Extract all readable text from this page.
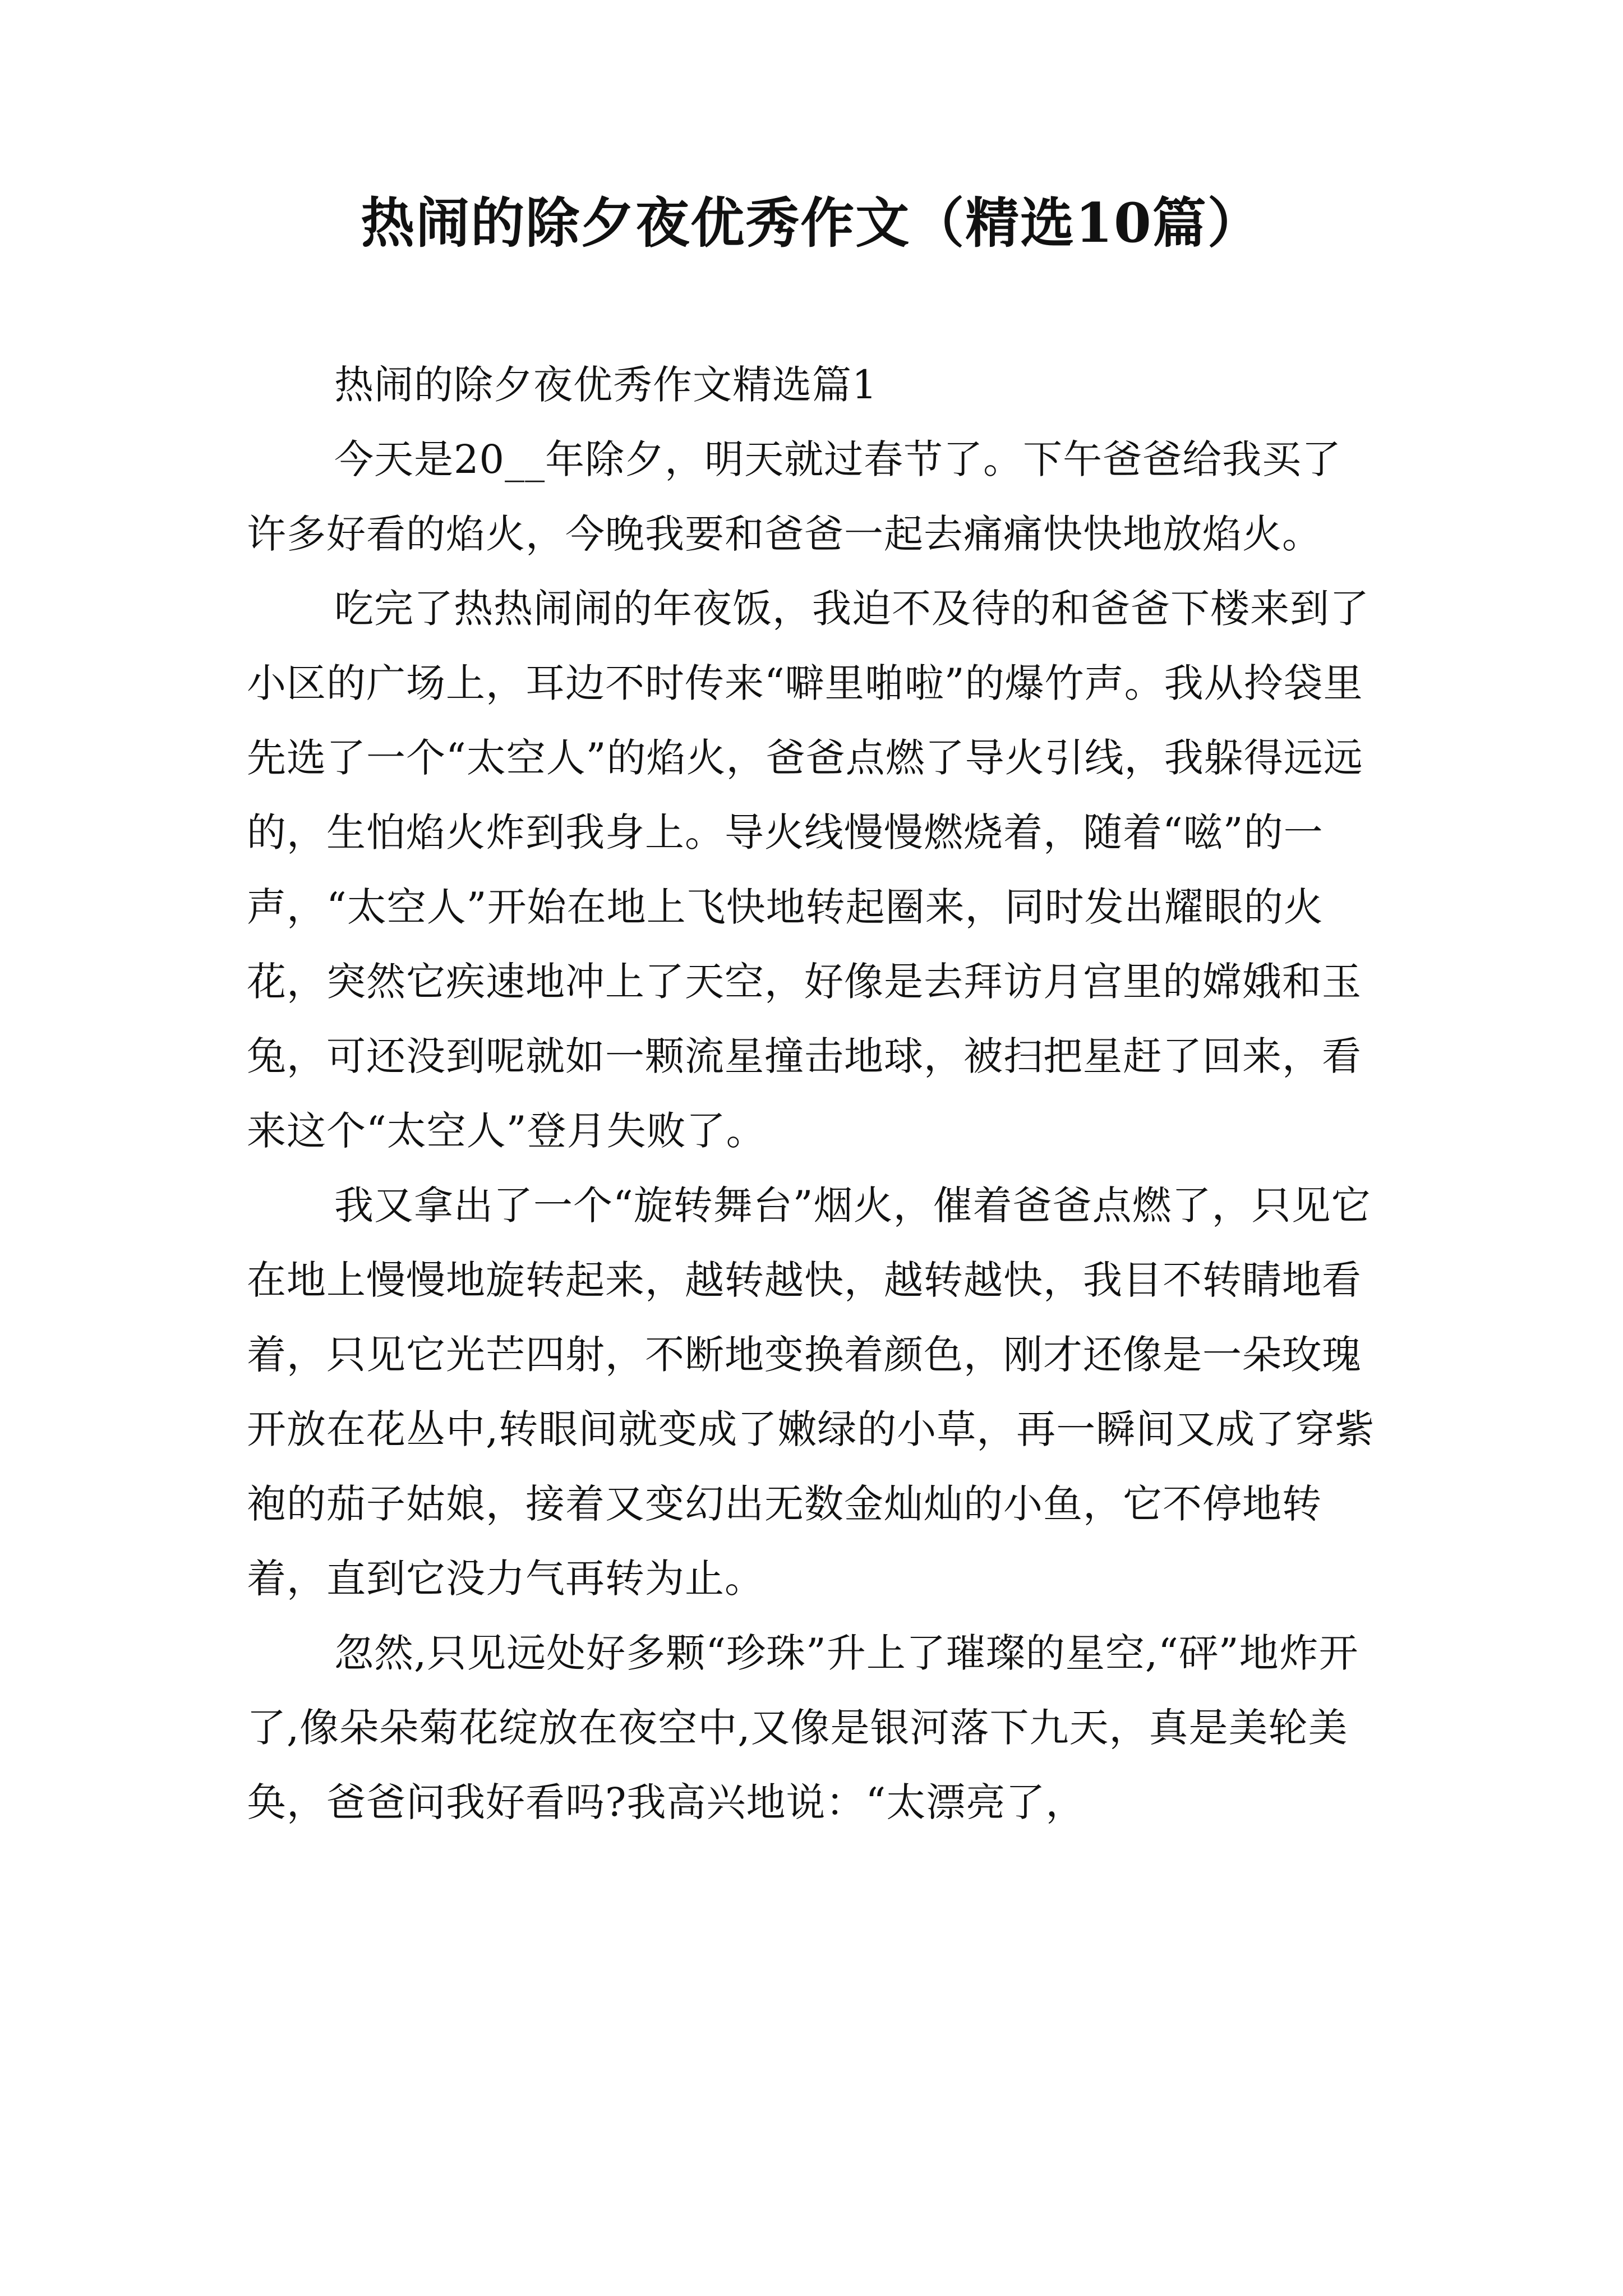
热闹的除夕夜优秀作文（精选10篇）

热闹的除夕夜优秀作文精选篇1

今天是20__年除夕，明天就过春节了。下午爸爸给我买了许多好看的焰火，今晚我要和爸爸一起去痛痛快快地放焰火。

吃完了热热闹闹的年夜饭，我迫不及待的和爸爸下楼来到了小区的广场上，耳边不时传来“噼里啪啦”的爆竹声。我从拎袋里先选了一个“太空人”的焰火，爸爸点燃了导火引线，我躲得远远的，生怕焰火炸到我身上。导火线慢慢燃烧着，随着“嗞”的一声，“太空人”开始在地上飞快地转起圈来，同时发出耀眼的火花，突然它疾速地冲上了天空，好像是去拜访月宫里的嫦娥和玉兔，可还没到呢就如一颗流星撞击地球，被扫把星赶了回来，看来这个“太空人”登月失败了。

我又拿出了一个“旋转舞台”烟火，催着爸爸点燃了，只见它在地上慢慢地旋转起来，越转越快，越转越快，我目不转睛地看着，只见它光芒四射，不断地变换着颜色，刚才还像是一朵玫瑰开放在花丛中,转眼间就变成了嫩绿的小草，再一瞬间又成了穿紫袍的茄子姑娘，接着又变幻出无数金灿灿的小鱼，它不停地转着，直到它没力气再转为止。

忽然,只见远处好多颗“珍珠”升上了璀璨的星空,“砰”地炸开了,像朵朵菊花绽放在夜空中,又像是银河落下九天，真是美轮美奂，爸爸问我好看吗?我高兴地说：“太漂亮了，
